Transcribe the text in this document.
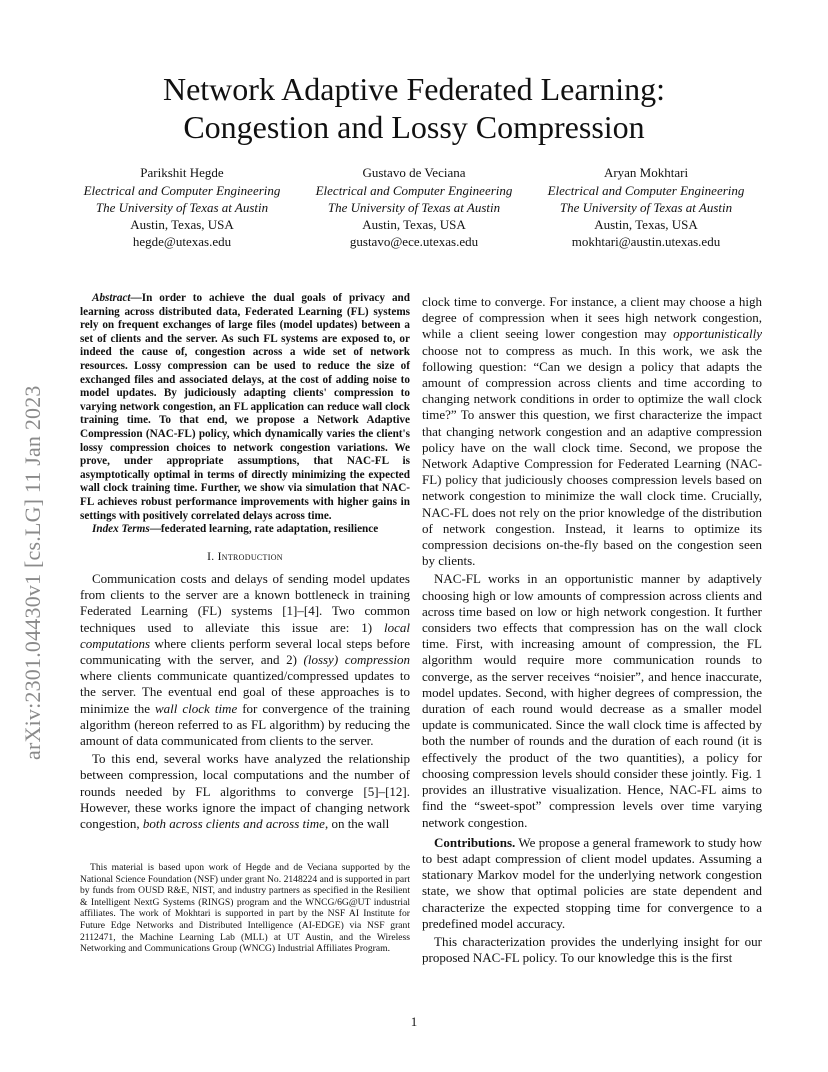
arXiv:2301.04430v1 [cs.LG] 11 Jan 2023
Network Adaptive Federated Learning:
Congestion and Lossy Compression
Parikshit Hegde
Electrical and Computer Engineering
The University of Texas at Austin
Austin, Texas, USA
hegde@utexas.edu
Gustavo de Veciana
Electrical and Computer Engineering
The University of Texas at Austin
Austin, Texas, USA
gustavo@ece.utexas.edu
Aryan Mokhtari
Electrical and Computer Engineering
The University of Texas at Austin
Austin, Texas, USA
mokhtari@austin.utexas.edu

Abstract—In order to achieve the dual goals of privacy and learning across distributed data, Federated Learning (FL) systems rely on frequent exchanges of large files (model updates) between a set of clients and the server. As such FL systems are exposed to, or indeed the cause of, congestion across a wide set of network resources. Lossy compression can be used to reduce the size of exchanged files and associated delays, at the cost of adding noise to model updates. By judiciously adapting clients' compression to varying network congestion, an FL application can reduce wall clock training time. To that end, we propose a Network Adaptive Compression (NAC-FL) policy, which dynamically varies the client's lossy compression choices to network congestion variations. We prove, under appropriate assumptions, that NAC-FL is asymptotically optimal in terms of directly minimizing the expected wall clock training time. Further, we show via simulation that NAC-FL achieves robust performance improvements with higher gains in settings with positively correlated delays across time.

Index Terms—federated learning, rate adaptation, resilience

I. Introduction

Communication costs and delays of sending model updates from clients to the server are a known bottleneck in training Federated Learning (FL) systems [1]–[4]. Two common techniques used to alleviate this issue are: 1) local computations where clients perform several local steps before communicating with the server, and 2) (lossy) compression where clients communicate quantized/compressed updates to the server. The eventual end goal of these approaches is to minimize the wall clock time for convergence of the training algorithm (hereon referred to as FL algorithm) by reducing the amount of data communicated from clients to the server.

To this end, several works have analyzed the relationship between compression, local computations and the number of rounds needed by FL algorithms to converge [5]–[12]. However, these works ignore the impact of changing network congestion, both across clients and across time, on the wall

This material is based upon work of Hegde and de Veciana supported by the National Science Foundation (NSF) under grant No. 2148224 and is supported in part by funds from OUSD R&E, NIST, and industry partners as specified in the Resilient & Intelligent NextG Systems (RINGS) program and the WNCG/6G@UT industrial affiliates. The work of Mokhtari is supported in part by the NSF AI Institute for Future Edge Networks and Distributed Intelligence (AI-EDGE) via NSF grant 2112471, the Machine Learning Lab (MLL) at UT Austin, and the Wireless Networking and Communications Group (WNCG) Industrial Affiliates Program.

clock time to converge. For instance, a client may choose a high degree of compression when it sees high network congestion, while a client seeing lower congestion may opportunistically choose not to compress as much. In this work, we ask the following question: “Can we design a policy that adapts the amount of compression across clients and time according to changing network conditions in order to optimize the wall clock time?” To answer this question, we first characterize the impact that changing network congestion and an adaptive compression policy have on the wall clock time. Second, we propose the Network Adaptive Compression for Federated Learning (NAC-FL) policy that judiciously chooses compression levels based on network congestion to minimize the wall clock time. Crucially, NAC-FL does not rely on the prior knowledge of the distribution of network congestion. Instead, it learns to optimize its compression decisions on-the-fly based on the congestion seen by clients.

NAC-FL works in an opportunistic manner by adaptively choosing high or low amounts of compression across clients and across time based on low or high network congestion. It further considers two effects that compression has on the wall clock time. First, with increasing amount of compression, the FL algorithm would require more communication rounds to converge, as the server receives “noisier”, and hence inaccurate, model updates. Second, with higher degrees of compression, the duration of each round would decrease as a smaller model update is communicated. Since the wall clock time is affected by both the number of rounds and the duration of each round (it is effectively the product of the two quantities), a policy for choosing compression levels should consider these jointly. Fig. 1 provides an illustrative visualization. Hence, NAC-FL aims to find the “sweet-spot” compression levels over time varying network congestion.

Contributions. We propose a general framework to study how to best adapt compression of client model updates. Assuming a stationary Markov model for the underlying network congestion state, we show that optimal policies are state dependent and characterize the expected stopping time for convergence to a predefined model accuracy.

This characterization provides the underlying insight for our proposed NAC-FL policy. To our knowledge this is the first

1
